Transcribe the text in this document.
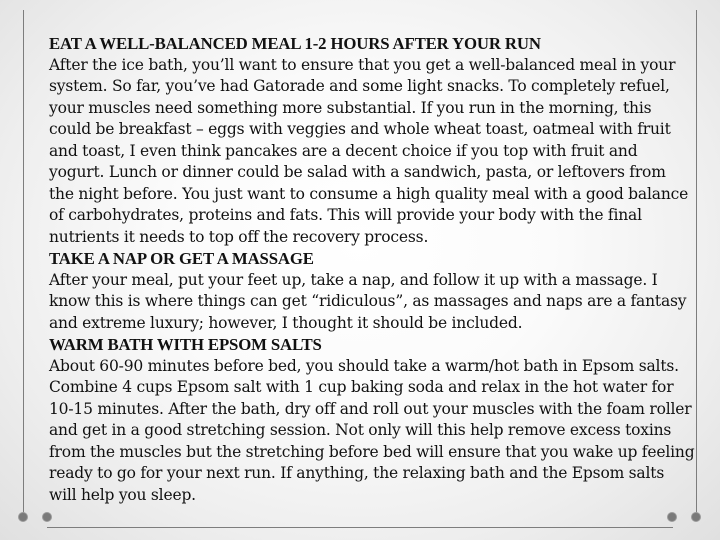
EAT A WELL-BALANCED MEAL 1-2 HOURS AFTER YOUR RUN
After the ice bath, you’ll want to ensure that you get a well-balanced meal in your system. So far, you’ve had Gatorade and some light snacks. To completely refuel, your muscles need something more substantial. If you run in the morning, this could be breakfast – eggs with veggies and whole wheat toast, oatmeal with fruit and toast, I even think pancakes are a decent choice if you top with fruit and yogurt. Lunch or dinner could be salad with a sandwich, pasta, or leftovers from the night before. You just want to consume a high quality meal with a good balance of carbohydrates, proteins and fats. This will provide your body with the final nutrients it needs to top off the recovery process.
TAKE A NAP OR GET A MASSAGE
After your meal, put your feet up, take a nap, and follow it up with a massage. I know this is where things can get “ridiculous”, as massages and naps are a fantasy and extreme luxury; however, I thought it should be included.
WARM BATH WITH EPSOM SALTS
About 60-90 minutes before bed, you should take a warm/hot bath in Epsom salts. Combine 4 cups Epsom salt with 1 cup baking soda and relax in the hot water for 10-15 minutes. After the bath, dry off and roll out your muscles with the foam roller and get in a good stretching session. Not only will this help remove excess toxins from the muscles but the stretching before bed will ensure that you wake up feeling ready to go for your next run. If anything, the relaxing bath and the Epsom salts will help you sleep.
